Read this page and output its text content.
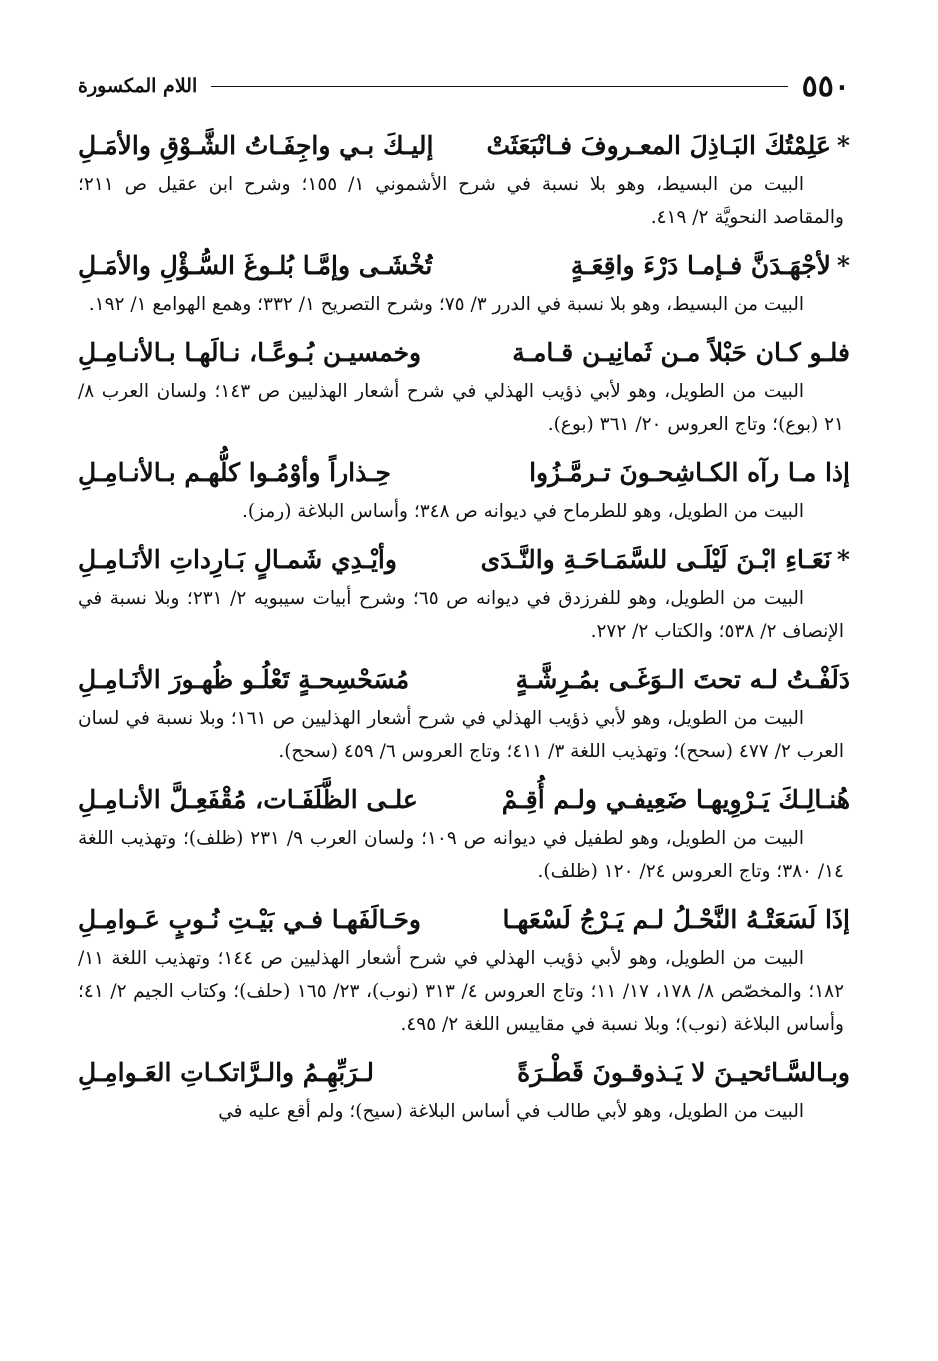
٥٥٠
اللام المكسورة
*عَلِمْتُكَ البَـاذِلَ المعـروفَ فـانْبَعَثَتْ
إليـكَ بـي واجِفَـاتُ الشَّـوْقِ والأمَـلِ

البيت من البسيط، وهو بلا نسبة في شرح الأشموني ١/ ١٥٥؛ وشرح ابن عقيل ص ٢١١؛ والمقاصد النحويَّة ٢/ ٤١٩.

*لأجْهَـدَنَّ فـإمـا دَرْءَ واقِعَـةٍ
تُخْشَـى وإمَّـا بُلـوغَ السُّـؤْلِ والأمَـلِ

البيت من البسيط، وهو بلا نسبة في الدرر ٣/ ٧٥؛ وشرح التصريح ١/ ٣٣٢؛ وهمع الهوامع ١/ ١٩٢.

فلـو كـان حَبْلاً مـن ثَمانِيـن قـامـة
وخمسيـن بُـوعًـا، نـالَهـا بـالأنـامِـلِ

البيت من الطويل، وهو لأبي ذؤيب الهذلي في شرح أشعار الهذليين ص ١٤٣؛ ولسان العرب ٨/ ٢١ (بوع)؛ وتاج العروس ٢٠/ ٣٦١ (بوع).

إذا مـا رآه الكـاشِحـونَ تـرمَّـزُوا
حِـذاراً وأوْمُـوا كلُّهـم بـالأنـامِـلِ

البيت من الطويل، وهو للطرماح في ديوانه ص ٣٤٨؛ وأساس البلاغة (رمز).

*نَعَـاءِ ابْـنَ لَيْلَـى للسَّمَـاحَـةِ والنَّـدَى
وأيْـدِي شَمـالٍ بَـارِداتِ الأنَـامِـلِ

البيت من الطويل، وهو للفرزدق في ديوانه ص ٦٥؛ وشرح أبيات سيبويه ٢/ ٢٣١؛ وبلا نسبة في الإنصاف ٢/ ٥٣٨؛ والكتاب ٢/ ٢٧٢.

دَلَفْـتُ لـه تحتَ الـوَغَـى بمُـرِشَّـةٍ
مُسَحْسِحـةٍ تَعْلُـو ظُهـورَ الأنَـامِـلِ

البيت من الطويل، وهو لأبي ذؤيب الهذلي في شرح أشعار الهذليين ص ١٦١؛ وبلا نسبة في لسان العرب ٢/ ٤٧٧ (سحح)؛ وتهذيب اللغة ٣/ ٤١١؛ وتاج العروس ٦/ ٤٥٩ (سحح).

هُنـالِـكَ يَـرْوِيهـا ضَعِيفـي ولـم أُقِـمْ
علـى الظَّلَفَـات، مُقْفَعِـلَّ الأنـامِـلِ

البيت من الطويل، وهو لطفيل في ديوانه ص ١٠٩؛ ولسان العرب ٩/ ٢٣١ (ظلف)؛ وتهذيب اللغة ١٤/ ٣٨٠؛ وتاج العروس ٢٤/ ١٢٠ (ظلف).

إذَا لَسَعَتْـهُ النَّحْـلُ لـم يَـرْجُ لَسْعَهـا
وحَـالَفَهـا فـي بَيْـتِ نُـوبٍ عَـوامِـلِ

البيت من الطويل، وهو لأبي ذؤيب الهذلي في شرح أشعار الهذليين ص ١٤٤؛ وتهذيب اللغة ١١/ ١٨٢؛ والمخصّص ٨/ ١٧٨، ١٧/ ١١؛ وتاج العروس ٤/ ٣١٣ (نوب)، ٢٣/ ١٦٥ (حلف)؛ وكتاب الجيم ٢/ ٤١؛ وأساس البلاغة (نوب)؛ وبلا نسبة في مقاييس اللغة ٢/ ٤٩٥.

وبـالسَّـائحيـنَ لا يَـذوقـونَ قَطْـرَةً
لـرَبِّهِـمُ والـرَّاتكـاتِ العَـوامِـلِ

البيت من الطويل، وهو لأبي طالب في أساس البلاغة (سيح)؛ ولم أقع عليه في
